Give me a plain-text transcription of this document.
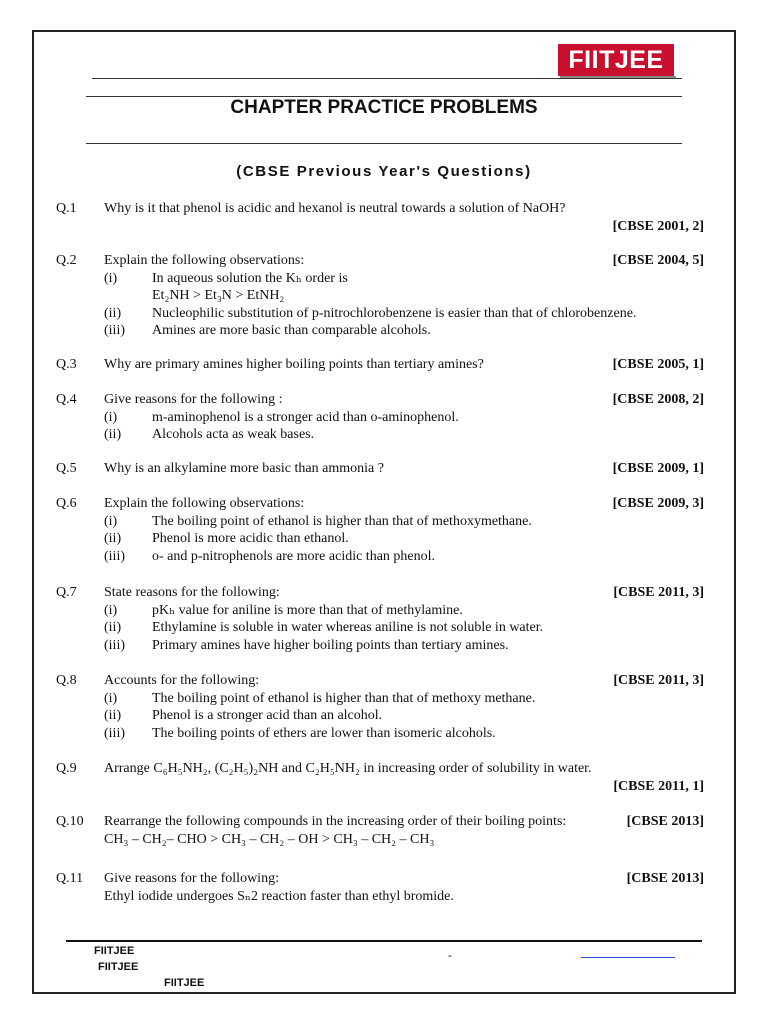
FIITJEE
CHAPTER PRACTICE PROBLEMS
(CBSE Previous Year's Questions)
Q.1 Why is it that phenol is acidic and hexanol is neutral towards a solution of NaOH?
[CBSE 2001, 2]
Q.2 Explain the following observations:	[CBSE 2004, 5]
(i) In aqueous solution the Kₕ order is
Et₂NH > Et₃N > EtNH₂
(ii) Nucleophilic substitution of p-nitrochlorobenzene is easier than that of chlorobenzene.
(iii) Amines are more basic than comparable alcohols.
Q.3 Why are primary amines higher boiling points than tertiary amines?	[CBSE 2005, 1]
Q.4 Give reasons for the following :	[CBSE 2008, 2]
(i) m-aminophenol is a stronger acid than o-aminophenol.
(ii) Alcohols acta as weak bases.
Q.5 Why is an alkylamine more basic than ammonia ?	[CBSE 2009, 1]
Q.6 Explain the following observations:	[CBSE 2009, 3]
(i) The boiling point of ethanol is higher than that of methoxymethane.
(ii) Phenol is more acidic than ethanol.
(iii) o- and p-nitrophenols are more acidic than phenol.
Q.7 State reasons for the following:	[CBSE 2011, 3]
(i) pKₕ value for aniline is more than that of methylamine.
(ii) Ethylamine is soluble in water whereas aniline is not soluble in water.
(iii) Primary amines have higher boiling points than tertiary amines.
Q.8 Accounts for the following:	[CBSE 2011, 3]
(i) The boiling point of ethanol is higher than that of methoxy methane.
(ii) Phenol is a stronger acid than an alcohol.
(iii) The boiling points of ethers are lower than isomeric alcohols.
Q.9 Arrange C₆H₅NH₂, (C₂H₅)₂NH and C₂H₅NH₂ in increasing order of solubility in water.
[CBSE 2011, 1]
Q.10 Rearrange the following compounds in the increasing order of their boiling points:	[CBSE 2013]
CH₃ – CH₂– CHO > CH₃ – CH₂ – OH > CH₃ – CH₂ – CH₃
Q.11 Give reasons for the following:	[CBSE 2013]
Ethyl iodide undergoes Sₙ2 reaction faster than ethyl bromide.
FIITJEE
FIITJEE
FIITJEE
-
